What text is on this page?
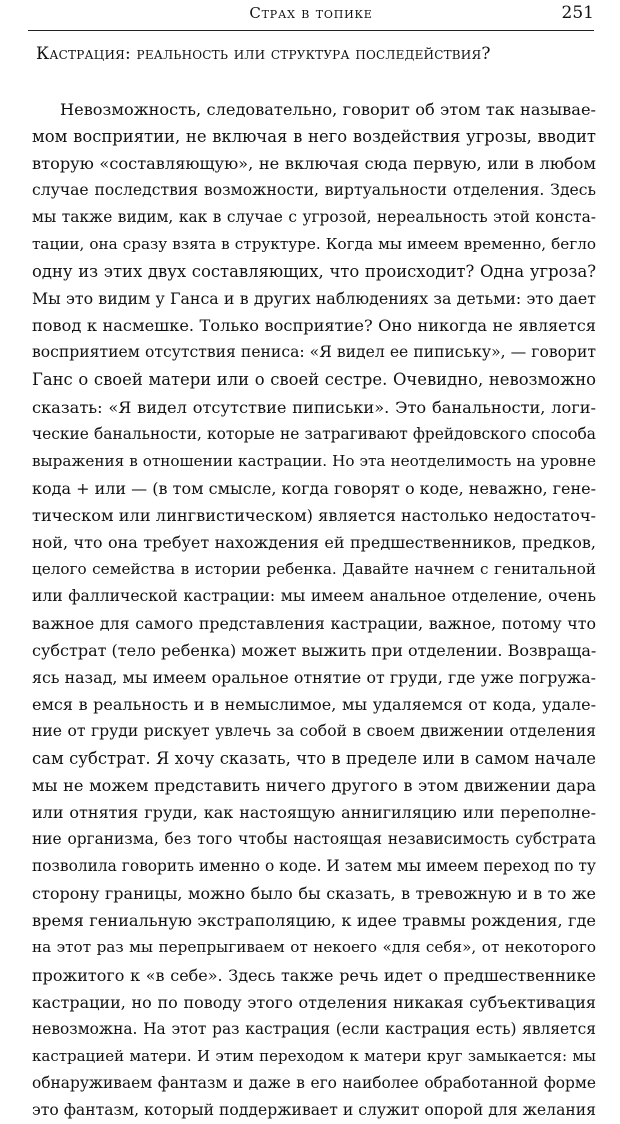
Страх в топике	251
Кастрация: реальность или структура последействия?
Невозможность, следовательно, говорит об этом так называе-
мом восприятии, не включая в него воздействия угрозы, вводит
вторую «составляющую», не включая сюда первую, или в любом
случае последствия возможности, виртуальности отделения. Здесь
мы также видим, как в случае с угрозой, нереальность этой конста-
тации, она сразу взята в структуре. Когда мы имеем временно, бегло
одну из этих двух составляющих, что происходит? Одна угроза?
Мы это видим у Ганса и в других наблюдениях за детьми: это дает
повод к насмешке. Только восприятие? Оно никогда не является
восприятием отсутствия пениса: «Я видел ее пипиську», — говорит
Ганс о своей матери или о своей сестре. Очевидно, невозможно
сказать: «Я видел отсутствие пиписьки». Это банальности, логи-
ческие банальности, которые не затрагивают фрейдовского способа
выражения в отношении кастрации. Но эта неотделимость на уровне
кода + или — (в том смысле, когда говорят о коде, неважно, гене-
тическом или лингвистическом) является настолько недостаточ-
ной, что она требует нахождения ей предшественников, предков,
целого семейства в истории ребенка. Давайте начнем с генитальной
или фаллической кастрации: мы имеем анальное отделение, очень
важное для самого представления кастрации, важное, потому что
субстрат (тело ребенка) может выжить при отделении. Возвраща-
ясь назад, мы имеем оральное отнятие от груди, где уже погружа-
емся в реальность и в немыслимое, мы удаляемся от кода, удале-
ние от груди рискует увлечь за собой в своем движении отделения
сам субстрат. Я хочу сказать, что в пределе или в самом начале
мы не можем представить ничего другого в этом движении дара
или отнятия груди, как настоящую аннигиляцию или переполне-
ние организма, без того чтобы настоящая независимость субстрата
позволила говорить именно о коде. И затем мы имеем переход по ту
сторону границы, можно было бы сказать, в тревожную и в то же
время гениальную экстраполяцию, к идее травмы рождения, где
на этот раз мы перепрыгиваем от некоего «для себя», от некоторого
прожитого к «в себе». Здесь также речь идет о предшественнике
кастрации, но по поводу этого отделения никакая субъективация
невозможна. На этот раз кастрация (если кастрация есть) является
кастрацией матери. И этим переходом к матери круг замыкается: мы
обнаруживаем фантазм и даже в его наиболее обработанной форме
это фантазм, который поддерживает и служит опорой для желания
